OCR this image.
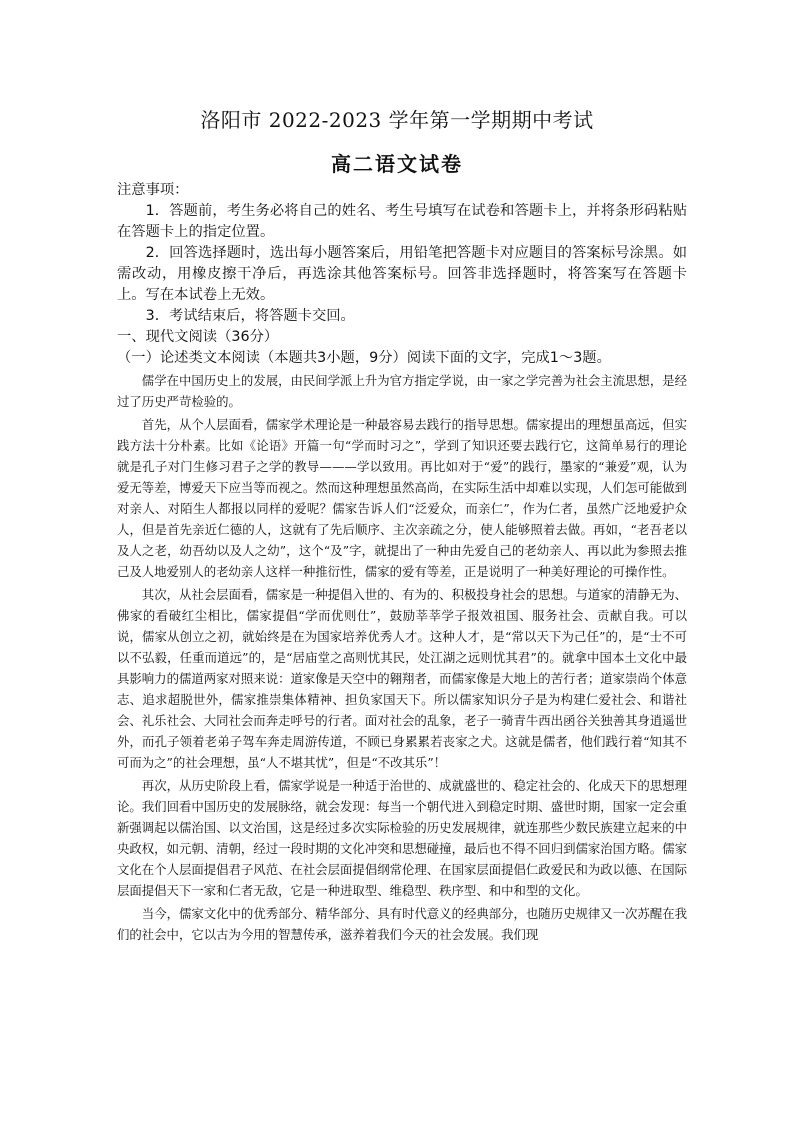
洛阳市 2022-2023 学年第一学期期中考试
高二语文试卷

注意事项：

1．答题前，考生务必将自己的姓名、考生号填写在试卷和答题卡上，并将条形码粘贴在答题卡上的指定位置。

2．回答选择题时，选出每小题答案后，用铅笔把答题卡对应题目的答案标号涂黑。如需改动，用橡皮擦干净后，再选涂其他答案标号。回答非选择题时，将答案写在答题卡上。写在本试卷上无效。

3．考试结束后，将答题卡交回。

一、现代文阅读（36分）

（一）论述类文本阅读（本题共3小题，9分）阅读下面的文字，完成1～3题。

儒学在中国历史上的发展，由民间学派上升为官方指定学说，由一家之学完善为社会主流思想，是经过了历史严苛检验的。

首先，从个人层面看，儒家学术理论是一种最容易去践行的指导思想。儒家提出的理想虽高远，但实践方法十分朴素。比如《论语》开篇一句“学而时习之”，学到了知识还要去践行它，这简单易行的理论就是孔子对门生修习君子之学的教导———学以致用。再比如对于“爱”的践行，墨家的“兼爱”观，认为爱无等差，博爱天下应当等而视之。然而这种理想虽然高尚，在实际生活中却难以实现，人们怎可能做到对亲人、对陌生人都报以同样的爱呢？儒家告诉人们“泛爱众，而亲仁”，作为仁者，虽然广泛地爱护众人，但是首先亲近仁德的人，这就有了先后顺序、主次亲疏之分，使人能够照着去做。再如，“老吾老以及人之老，幼吾幼以及人之幼”，这个“及”字，就提出了一种由先爱自己的老幼亲人、再以此为参照去推己及人地爱别人的老幼亲人这样一种推衍性，儒家的爱有等差，正是说明了一种美好理论的可操作性。

其次，从社会层面看，儒家是一种提倡入世的、有为的、积极投身社会的思想。与道家的清静无为、佛家的看破红尘相比，儒家提倡“学而优则仕”，鼓励莘莘学子报效祖国、服务社会、贡献自我。可以说，儒家从创立之初，就始终是在为国家培养优秀人才。这种人才，是“常以天下为己任”的，是“士不可以不弘毅，任重而道远”的，是“居庙堂之高则忧其民，处江湖之远则忧其君”的。就拿中国本土文化中最具影响力的儒道两家对照来说：道家像是天空中的翱翔者，而儒家像是大地上的苦行者；道家崇尚个体意志、追求超脱世外，儒家推崇集体精神、担负家国天下。所以儒家知识分子是为构建仁爱社会、和谐社会、礼乐社会、大同社会而奔走呼号的行者。面对社会的乱象，老子一骑青牛西出函谷关独善其身逍遥世外，而孔子领着老弟子驾车奔走周游传道，不顾已身累累若丧家之犬。这就是儒者，他们践行着“知其不可而为之”的社会理想，虽“人不堪其忧”，但是“不改其乐”！

再次，从历史阶段上看，儒家学说是一种适于治世的、成就盛世的、稳定社会的、化成天下的思想理论。我们回看中国历史的发展脉络，就会发现：每当一个朝代进入到稳定时期、盛世时期，国家一定会重新强调起以儒治国、以文治国，这是经过多次实际检验的历史发展规律，就连那些少数民族建立起来的中央政权，如元朝、清朝，经过一段时期的文化冲突和思想碰撞，最后也不得不回归到儒家治国方略。儒家文化在个人层面提倡君子风范、在社会层面提倡纲常伦理、在国家层面提倡仁政爱民和为政以德、在国际层面提倡天下一家和仁者无敌，它是一种进取型、维稳型、秩序型、和中和型的文化。

当今，儒家文化中的优秀部分、精华部分、具有时代意义的经典部分，也随历史规律又一次苏醒在我们的社会中，它以古为今用的智慧传承，滋养着我们今天的社会发展。我们现
